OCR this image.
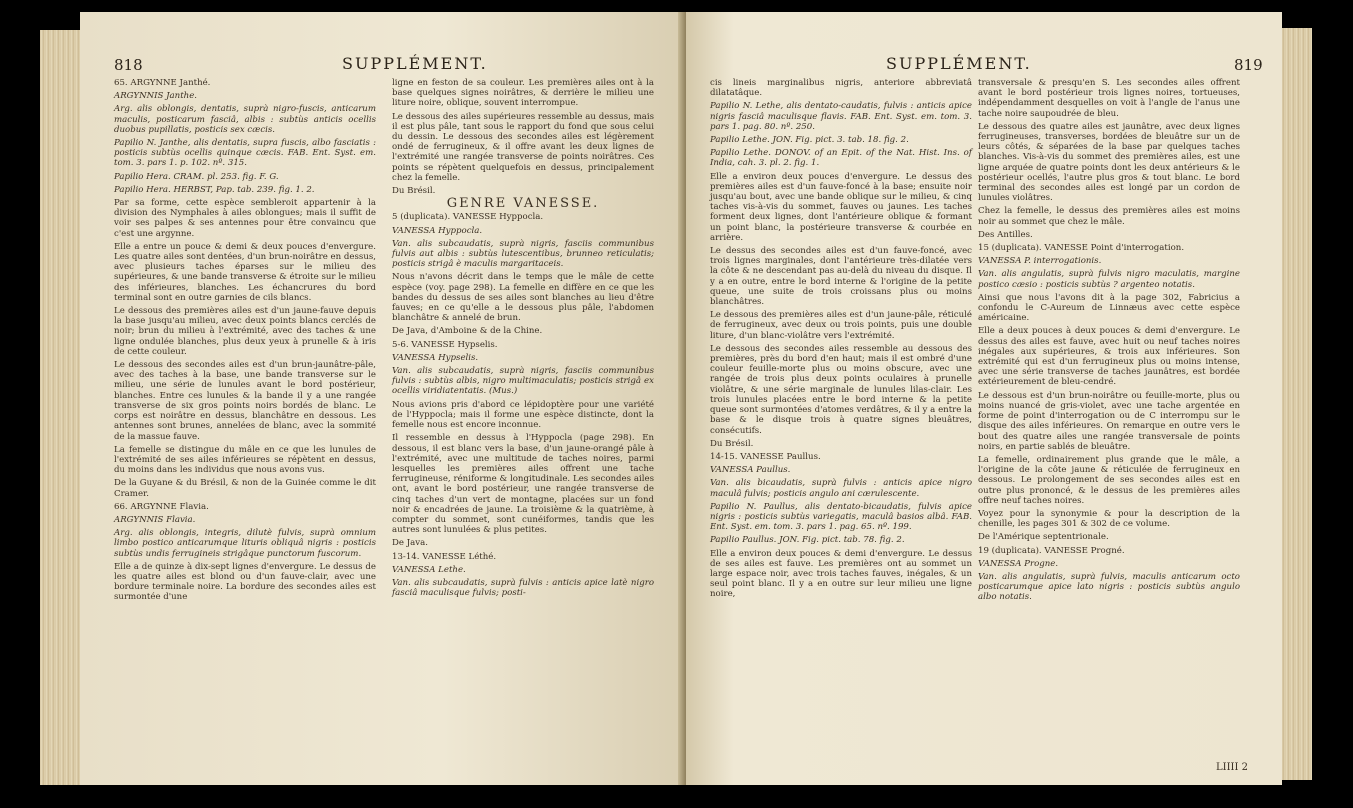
818	SUPPLÉMENT.

65. ARGYNNE Janthé.

ARGYNNIS Janthe.

Arg. alis oblongis, dentatis, suprà nigro-fuscis, anticarum maculis, posticarum fasciâ, albis : subtùs anticis ocellis duobus pupillatis, posticis sex cæcis.

Papilio N. Janthe, alis dentatis, supra fuscis, albo fasciatis : posticis subtùs ocellis quinque cæcis. FAB. Ent. Syst. em. tom. 3. pars 1. p. 102. nº. 315.

Papilio Hera. CRAM. pl. 253. fig. F. G.

Papilio Hera. HERBST, Pap. tab. 239. fig. 1. 2.

Par sa forme, cette espèce sembleroit appartenir à la division des Nymphales à ailes oblongues; mais il suffit de voir ses palpes & ses antennes pour être convaincu que c'est une argynne.

Elle a entre un pouce & demi & deux pouces d'envergure. Les quatre ailes sont dentées, d'un brun-noirâtre en dessus, avec plusieurs taches éparses sur le milieu des supérieures, & une bande transverse & étroite sur le milieu des inférieures, blanches. Les échancrures du bord terminal sont en outre garnies de cils blancs.

Le dessous des premières ailes est d'un jaune-fauve depuis la base jusqu'au milieu, avec deux points blancs cerclés de noir; brun du milieu à l'extrémité, avec des taches & une ligne ondulée blanches, plus deux yeux à prunelle & à iris de cette couleur.

Le dessous des secondes ailes est d'un brun-jaunâtre-pâle, avec des taches à la base, une bande transverse sur le milieu, une série de lunules avant le bord postérieur, blanches. Entre ces lunules & la bande il y a une rangée transverse de six gros points noirs bordés de blanc. Le corps est noirâtre en dessus, blanchâtre en dessous. Les antennes sont brunes, annelées de blanc, avec la sommité de la massue fauve.

La femelle se distingue du mâle en ce que les lunules de l'extrémité de ses ailes inférieures se répètent en dessus, du moins dans les individus que nous avons vus.

De la Guyane & du Brésil, & non de la Guinée comme le dit Cramer.

66. ARGYNNE Flavia.

ARGYNNIS Flavia.

Arg. alis oblongis, integris, dilutè fulvis, suprà omnium limbo postico anticarumque lituris obliquâ nigris : posticis subtùs undis ferrugineis strigâque punctorum fuscorum.

Elle a de quinze à dix-sept lignes d'envergure. Le dessus de les quatre ailes est blond ou d'un fauve-clair, avec une bordure terminale noire. La bordure des secondes ailes est surmontée d'une

ligne en feston de sa couleur. Les premières ailes ont à la base quelques signes noirâtres, & derrière le milieu une liture noire, oblique, souvent interrompue.

Le dessous des ailes supérieures ressemble au dessus, mais il est plus pâle, tant sous le rapport du fond que sous celui du dessin. Le dessous des secondes ailes est légèrement ondé de ferrugineux, & il offre avant les deux lignes de l'extrémité une rangée transverse de points noirâtres. Ces points se répètent quelquefois en dessus, principalement chez la femelle.

Du Brésil.

GENRE VANESSE.

5 (duplicata). VANESSE Hyppocla.

VANESSA Hyppocla.

Van. alis subcaudatis, suprà nigris, fasciis communibus fulvis aut albis : subtùs lutescentibus, brunneo reticulatis; posticis strigâ è maculis margaritaceis.

Nous n'avons décrit dans le temps que le mâle de cette espèce (voy. page 298). La femelle en diffère en ce que les bandes du dessus de ses ailes sont blanches au lieu d'être fauves; en ce qu'elle a le dessous plus pâle, l'abdomen blanchâtre & annelé de brun.

De Java, d'Amboine & de la Chine.

5-6. VANESSE Hypselis.

VANESSA Hypselis.

Van. alis subcaudatis, suprà nigris, fasciis communibus fulvis : subtùs albis, nigro multimaculatis; posticis strigâ ex ocellis viridiatentatis. (Mus.)

Nous avions pris d'abord ce lépidoptère pour une variété de l'Hyppocla; mais il forme une espèce distincte, dont la femelle nous est encore inconnue.

Il ressemble en dessus à l'Hyppocla (page 298). En dessous, il est blanc vers la base, d'un jaune-orangé pâle à l'extrémité, avec une multitude de taches noires, parmi lesquelles les premières ailes offrent une tache ferrugineuse, réniforme & longitudinale. Les secondes ailes ont, avant le bord postérieur, une rangée transverse de cinq taches d'un vert de montagne, placées sur un fond noir & encadrées de jaune. La troisième & la quatrième, à compter du sommet, sont cunéiformes, tandis que les autres sont lunulées & plus petites.

De Java.

13-14. VANESSE Léthé.

VANESSA Lethe.

Van. alis subcaudatis, suprà fulvis : anticis apice latè nigro fasciâ maculisque fulvis; posti-

SUPPLÉMENT.	819

cis lineis marginalibus nigris, anteriore abbreviatâ dilatatâque.

Papilio N. Lethe, alis dentato-caudatis, fulvis : anticis apice nigris fasciâ maculisque flavis. FAB. Ent. Syst. em. tom. 3. pars 1. pag. 80. nº. 250.

Papilio Lethe. JON. Fig. pict. 3. tab. 18. fig. 2.

Papilio Lethe. DONOV. of an Epit. of the Nat. Hist. Ins. of India, cah. 3. pl. 2. fig. 1.

Elle a environ deux pouces d'envergure. Le dessus des premières ailes est d'un fauve-foncé à la base; ensuite noir jusqu'au bout, avec une bande oblique sur le milieu, & cinq taches vis-à-vis du sommet, fauves ou jaunes. Les taches forment deux lignes, dont l'antérieure oblique & formant un point blanc, la postérieure transverse & courbée en arrière.

Le dessus des secondes ailes est d'un fauve-foncé, avec trois lignes marginales, dont l'antérieure très-dilatée vers la côte & ne descendant pas au-delà du niveau du disque. Il y a en outre, entre le bord interne & l'origine de la petite queue, une suite de trois croissans plus ou moins blanchâtres.

Le dessous des premières ailes est d'un jaune-pâle, réticulé de ferrugineux, avec deux ou trois points, puis une double liture, d'un blanc-violâtre vers l'extrémité.

Le dessous des secondes ailes ressemble au dessous des premières, près du bord d'en haut; mais il est ombré d'une couleur feuille-morte plus ou moins obscure, avec une rangée de trois plus deux points oculaires à prunelle violâtre, & une série marginale de lunules lilas-clair. Les trois lunules placées entre le bord interne & la petite queue sont surmontées d'atomes verdâtres, & il y a entre la base & le disque trois à quatre signes bleuâtres, consécutifs.

Du Brésil.

14-15. VANESSE Paullus.

VANESSA Paullus.

Van. alis bicaudatis, suprà fulvis : anticis apice nigro maculâ fulvis; posticis angulo ani cærulescente.

Papilio N. Paullus, alis dentato-bicaudatis, fulvis apice nigris : posticis subtùs variegatis, maculâ basios albâ. FAB. Ent. Syst. em. tom. 3. pars 1. pag. 65. nº. 199.

Papilio Paullus. JON. Fig. pict. tab. 78. fig. 2.

Elle a environ deux pouces & demi d'envergure. Le dessus de ses ailes est fauve. Les premières ont au sommet un large espace noir, avec trois taches fauves, inégales, & un seul point blanc. Il y a en outre sur leur milieu une ligne noire,

transversale & presqu'en S. Les secondes ailes offrent avant le bord postérieur trois lignes noires, tortueuses, indépendamment desquelles on voit à l'angle de l'anus une tache noire saupoudrée de bleu.

Le dessous des quatre ailes est jaunâtre, avec deux lignes ferrugineuses, transverses, bordées de bleuâtre sur un de leurs côtés, & séparées de la base par quelques taches blanches. Vis-à-vis du sommet des premières ailes, est une ligne arquée de quatre points dont les deux antérieurs & le postérieur ocellés, l'autre plus gros & tout blanc. Le bord terminal des secondes ailes est longé par un cordon de lunules violâtres.

Chez la femelle, le dessus des premières ailes est moins noir au sommet que chez le mâle.

Des Antilles.

15 (duplicata). VANESSE Point d'interrogation.

VANESSA P. interrogationis.

Van. alis angulatis, suprà fulvis nigro maculatis, margine postico cæsio : posticis subtùs ? argenteo notatis.

Ainsi que nous l'avons dit à la page 302, Fabricius a confondu le C-Aureum de Linnæus avec cette espèce américaine.

Elle a deux pouces à deux pouces & demi d'envergure. Le dessus des ailes est fauve, avec huit ou neuf taches noires inégales aux supérieures, & trois aux inférieures. Son extrémité qui est d'un ferrugineux plus ou moins intense, avec une série transverse de taches jaunâtres, est bordée extérieurement de bleu-cendré.

Le dessous est d'un brun-noirâtre ou feuille-morte, plus ou moins nuancé de gris-violet, avec une tache argentée en forme de point d'interrogation ou de C interrompu sur le disque des ailes inférieures. On remarque en outre vers le bout des quatre ailes une rangée transversale de points noirs, en partie sablés de bleuâtre.

La femelle, ordinairement plus grande que le mâle, a l'origine de la côte jaune & réticulée de ferrugineux en dessous. Le prolongement de ses secondes ailes est en outre plus prononcé, & le dessus de les premières ailes offre neuf taches noires.

Voyez pour la synonymie & pour la description de la chenille, les pages 301 & 302 de ce volume.

De l'Amérique septentrionale.

19 (duplicata). VANESSE Progné.

VANESSA Progne.

Van. alis angulatis, suprà fulvis, maculis anticarum octo posticarumque apice lato nigris : posticis subtùs angulo albo notatis.

LIIII 2
